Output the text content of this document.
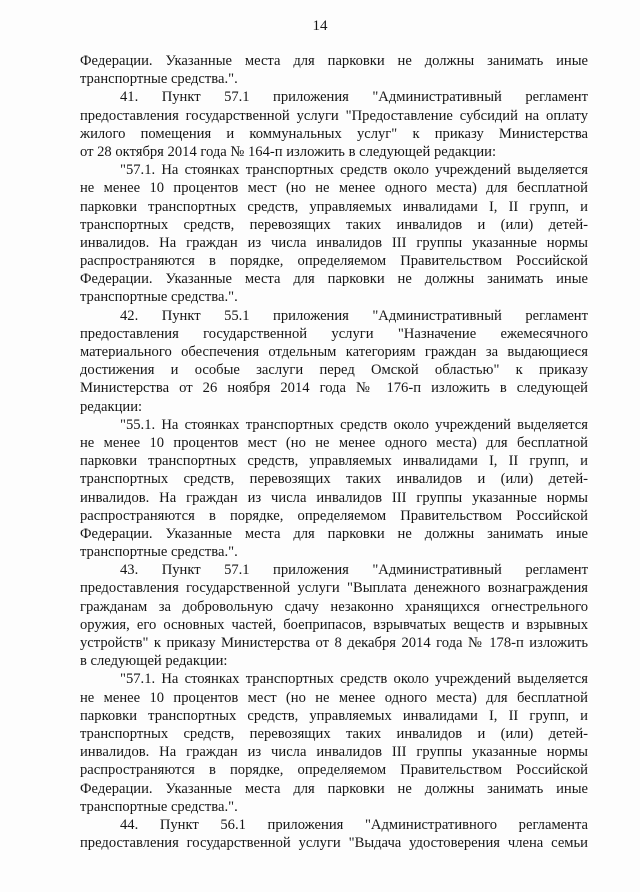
14
Федерации. Указанные места для парковки не должны занимать иные
транспортные средства.".
41. Пункт 57.1 приложения "Административный регламент
предоставления государственной услуги "Предоставление субсидий на оплату
жилого помещения и коммунальных услуг" к приказу Министерства
от 28 октября 2014 года № 164-п изложить в следующей редакции:
"57.1. На стоянках транспортных средств около учреждений выделяется
не менее 10 процентов мест (но не менее одного места) для бесплатной
парковки транспортных средств, управляемых инвалидами I, II групп, и
транспортных средств, перевозящих таких инвалидов и (или) детей-
инвалидов. На граждан из числа инвалидов III группы указанные нормы
распространяются в порядке, определяемом Правительством Российской
Федерации. Указанные места для парковки не должны занимать иные
транспортные средства.".
42. Пункт 55.1 приложения "Административный регламент
предоставления государственной услуги "Назначение ежемесячного
материального обеспечения отдельным категориям граждан за выдающиеся
достижения и особые заслуги перед Омской областью" к приказу
Министерства от 26 ноября 2014 года № 176-п изложить в следующей
редакции:
"55.1. На стоянках транспортных средств около учреждений выделяется
не менее 10 процентов мест (но не менее одного места) для бесплатной
парковки транспортных средств, управляемых инвалидами I, II групп, и
транспортных средств, перевозящих таких инвалидов и (или) детей-
инвалидов. На граждан из числа инвалидов III группы указанные нормы
распространяются в порядке, определяемом Правительством Российской
Федерации. Указанные места для парковки не должны занимать иные
транспортные средства.".
43. Пункт 57.1 приложения "Административный регламент
предоставления государственной услуги "Выплата денежного вознаграждения
гражданам за добровольную сдачу незаконно хранящихся огнестрельного
оружия, его основных частей, боеприпасов, взрывчатых веществ и взрывных
устройств" к приказу Министерства от 8 декабря 2014 года № 178-п изложить
в следующей редакции:
"57.1. На стоянках транспортных средств около учреждений выделяется
не менее 10 процентов мест (но не менее одного места) для бесплатной
парковки транспортных средств, управляемых инвалидами I, II групп, и
транспортных средств, перевозящих таких инвалидов и (или) детей-
инвалидов. На граждан из числа инвалидов III группы указанные нормы
распространяются в порядке, определяемом Правительством Российской
Федерации. Указанные места для парковки не должны занимать иные
транспортные средства.".
44. Пункт 56.1 приложения "Административного регламента
предоставления государственной услуги "Выдача удостоверения члена семьи
